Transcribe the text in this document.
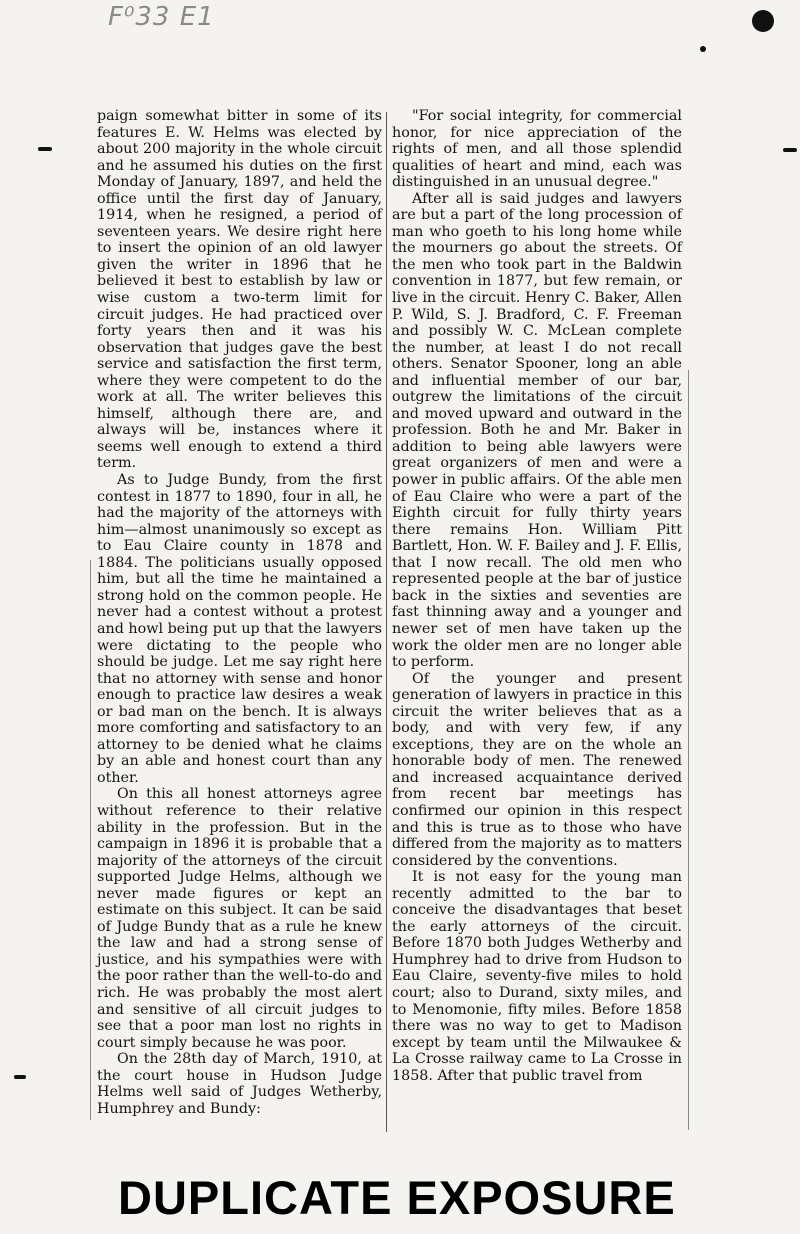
F⁰33 E1

paign somewhat bitter in some of its features E. W. Helms was elected by about 200 majority in the whole circuit and he assumed his duties on the first Monday of January, 1897, and held the office until the first day of January, 1914, when he resigned, a period of seventeen years. We desire right here to insert the opinion of an old lawyer given the writer in 1896 that he believed it best to establish by law or wise custom a two-term limit for circuit judges. He had practiced over forty years then and it was his observation that judges gave the best service and satisfaction the first term, where they were competent to do the work at all. The writer believes this himself, although there are, and always will be, instances where it seems well enough to extend a third term.

As to Judge Bundy, from the first contest in 1877 to 1890, four in all, he had the majority of the attorneys with him—almost unanimously so except as to Eau Claire county in 1878 and 1884. The politicians usually opposed him, but all the time he maintained a strong hold on the common people. He never had a contest without a protest and howl being put up that the lawyers were dictating to the people who should be judge. Let me say right here that no attorney with sense and honor enough to practice law desires a weak or bad man on the bench. It is always more comforting and satisfactory to an attorney to be denied what he claims by an able and honest court than any other.

On this all honest attorneys agree without reference to their relative ability in the profession. But in the campaign in 1896 it is probable that a majority of the attorneys of the circuit supported Judge Helms, although we never made figures or kept an estimate on this subject. It can be said of Judge Bundy that as a rule he knew the law and had a strong sense of justice, and his sympathies were with the poor rather than the well-to-do and rich. He was probably the most alert and sensitive of all circuit judges to see that a poor man lost no rights in court simply because he was poor.

On the 28th day of March, 1910, at the court house in Hudson Judge Helms well said of Judges Wetherby, Humphrey and Bundy:

"For social integrity, for commercial honor, for nice appreciation of the rights of men, and all those splendid qualities of heart and mind, each was distinguished in an unusual degree."

After all is said judges and lawyers are but a part of the long procession of man who goeth to his long home while the mourners go about the streets. Of the men who took part in the Baldwin convention in 1877, but few remain, or live in the circuit. Henry C. Baker, Allen P. Wild, S. J. Bradford, C. F. Freeman and possibly W. C. McLean complete the number, at least I do not recall others. Senator Spooner, long an able and influential member of our bar, outgrew the limitations of the circuit and moved upward and outward in the profession. Both he and Mr. Baker in addition to being able lawyers were great organizers of men and were a power in public affairs. Of the able men of Eau Claire who were a part of the Eighth circuit for fully thirty years there remains Hon. William Pitt Bartlett, Hon. W. F. Bailey and J. F. Ellis, that I now recall. The old men who represented people at the bar of justice back in the sixties and seventies are fast thinning away and a younger and newer set of men have taken up the work the older men are no longer able to perform.

Of the younger and present generation of lawyers in practice in this circuit the writer believes that as a body, and with very few, if any exceptions, they are on the whole an honorable body of men. The renewed and increased acquaintance derived from recent bar meetings has confirmed our opinion in this respect and this is true as to those who have differed from the majority as to matters considered by the conventions.

It is not easy for the young man recently admitted to the bar to conceive the disadvantages that beset the early attorneys of the circuit. Before 1870 both Judges Wetherby and Humphrey had to drive from Hudson to Eau Claire, seventy-five miles to hold court; also to Durand, sixty miles, and to Menomonie, fifty miles. Before 1858 there was no way to get to Madison except by team until the Milwaukee & La Crosse railway came to La Crosse in 1858. After that public travel from

DUPLICATE EXPOSURE
